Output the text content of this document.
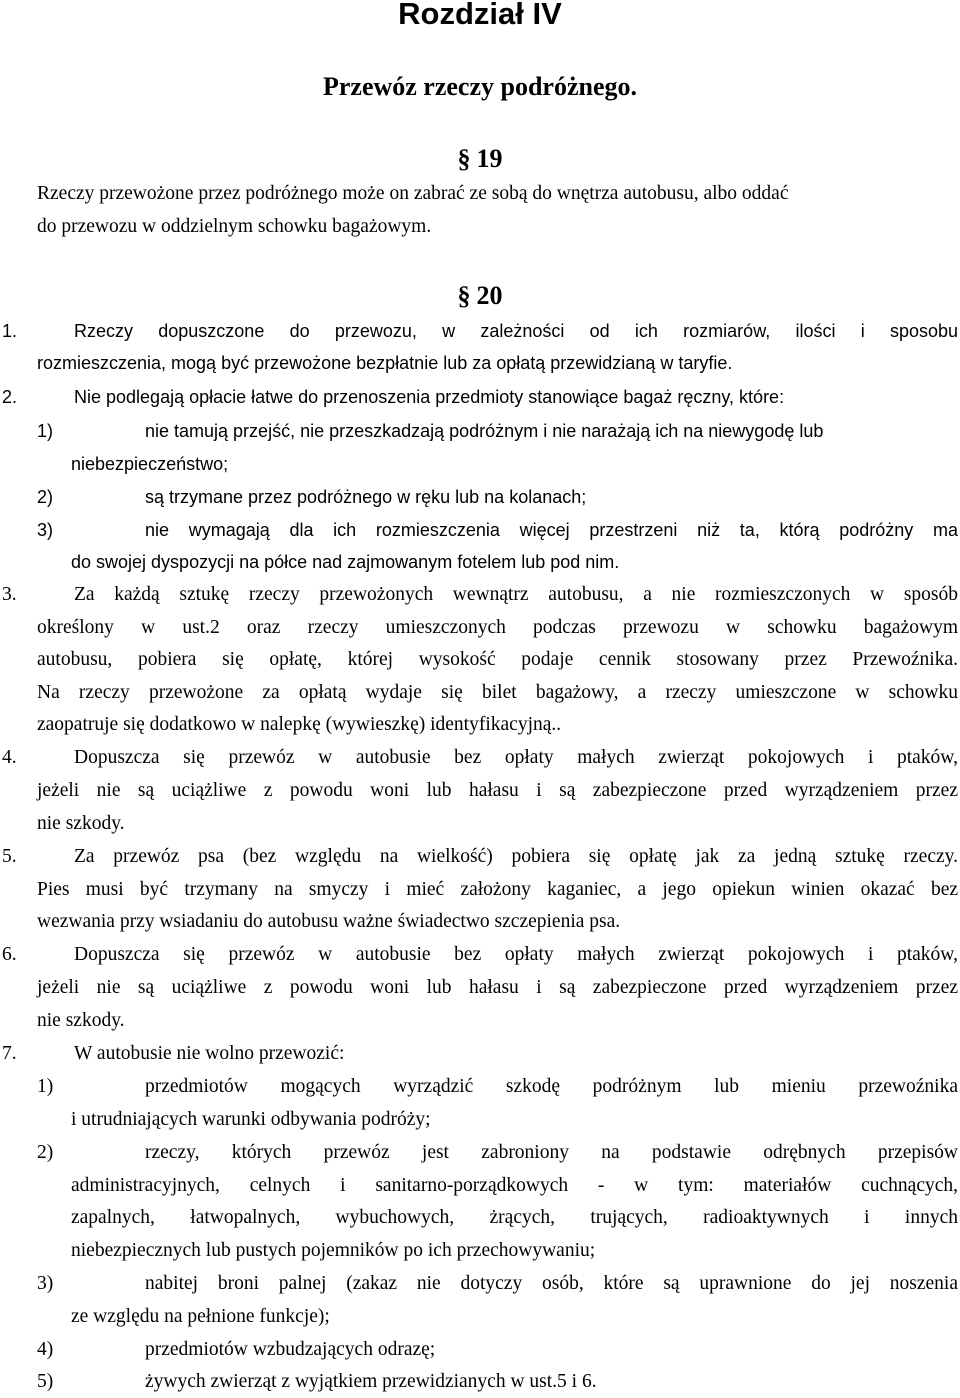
Rozdział IV
Przewóz rzeczy podróżnego.
§ 19
Rzeczy przewożone przez podróżnego może on zabrać ze sobą do wnętrza autobusu, albo oddać
do przewozu w oddzielnym schowku bagażowym.
§ 20
1.	Rzeczy dopuszczone do przewozu, w zależności od ich rozmiarów, ilości i sposobu
rozmieszczenia, mogą być przewożone bezpłatnie lub za opłatą przewidzianą w taryfie.
2.	Nie podlegają opłacie łatwe do przenoszenia przedmioty stanowiące bagaż ręczny, które:
1)	nie tamują przejść, nie przeszkadzają podróżnym i nie narażają ich na niewygodę lub
niebezpieczeństwo;
2)	są trzymane przez podróżnego w ręku lub na kolanach;
3)	nie wymagają dla ich rozmieszczenia więcej przestrzeni niż ta, którą podróżny ma
do swojej dyspozycji na półce nad zajmowanym fotelem lub pod nim.
3.	Za każdą sztukę rzeczy przewożonych wewnątrz autobusu, a nie rozmieszczonych w sposób
określony w ust.2 oraz rzeczy umieszczonych podczas przewozu w schowku bagażowym
autobusu, pobiera się opłatę, której wysokość podaje cennik stosowany przez Przewoźnika.
Na rzeczy przewożone za opłatą wydaje się bilet bagażowy, a rzeczy umieszczone w schowku
zaopatruje się dodatkowo w nalepkę (wywieszkę) identyfikacyjną..
4.	Dopuszcza się przewóz w autobusie bez opłaty małych zwierząt pokojowych i ptaków,
jeżeli nie są uciążliwe z powodu woni lub hałasu i są zabezpieczone przed wyrządzeniem przez
nie szkody.
5.	Za przewóz psa (bez względu na wielkość) pobiera się opłatę jak za jedną sztukę rzeczy.
Pies musi być trzymany na smyczy i mieć założony kaganiec, a jego opiekun winien okazać bez
wezwania przy wsiadaniu do autobusu ważne świadectwo szczepienia psa.
6.	Dopuszcza się przewóz w autobusie bez opłaty małych zwierząt pokojowych i ptaków,
jeżeli nie są uciążliwe z powodu woni lub hałasu i są zabezpieczone przed wyrządzeniem przez
nie szkody.
7.	W autobusie nie wolno przewozić:
1)	przedmiotów mogących wyrządzić szkodę podróżnym lub mieniu przewoźnika
i utrudniających warunki odbywania podróży;
2)	rzeczy, których przewóz jest zabroniony na podstawie odrębnych przepisów
administracyjnych, celnych i sanitarno-porządkowych - w tym: materiałów cuchnących,
zapalnych, łatwopalnych, wybuchowych, żrących, trujących, radioaktywnych i innych
niebezpiecznych lub pustych pojemników po ich przechowywaniu;
3)	nabitej broni palnej (zakaz nie dotyczy osób, które są uprawnione do jej noszenia
ze względu na pełnione funkcje);
4)	przedmiotów wzbudzających odrazę;
5)	żywych zwierząt z wyjątkiem przewidzianych w ust.5 i 6.
